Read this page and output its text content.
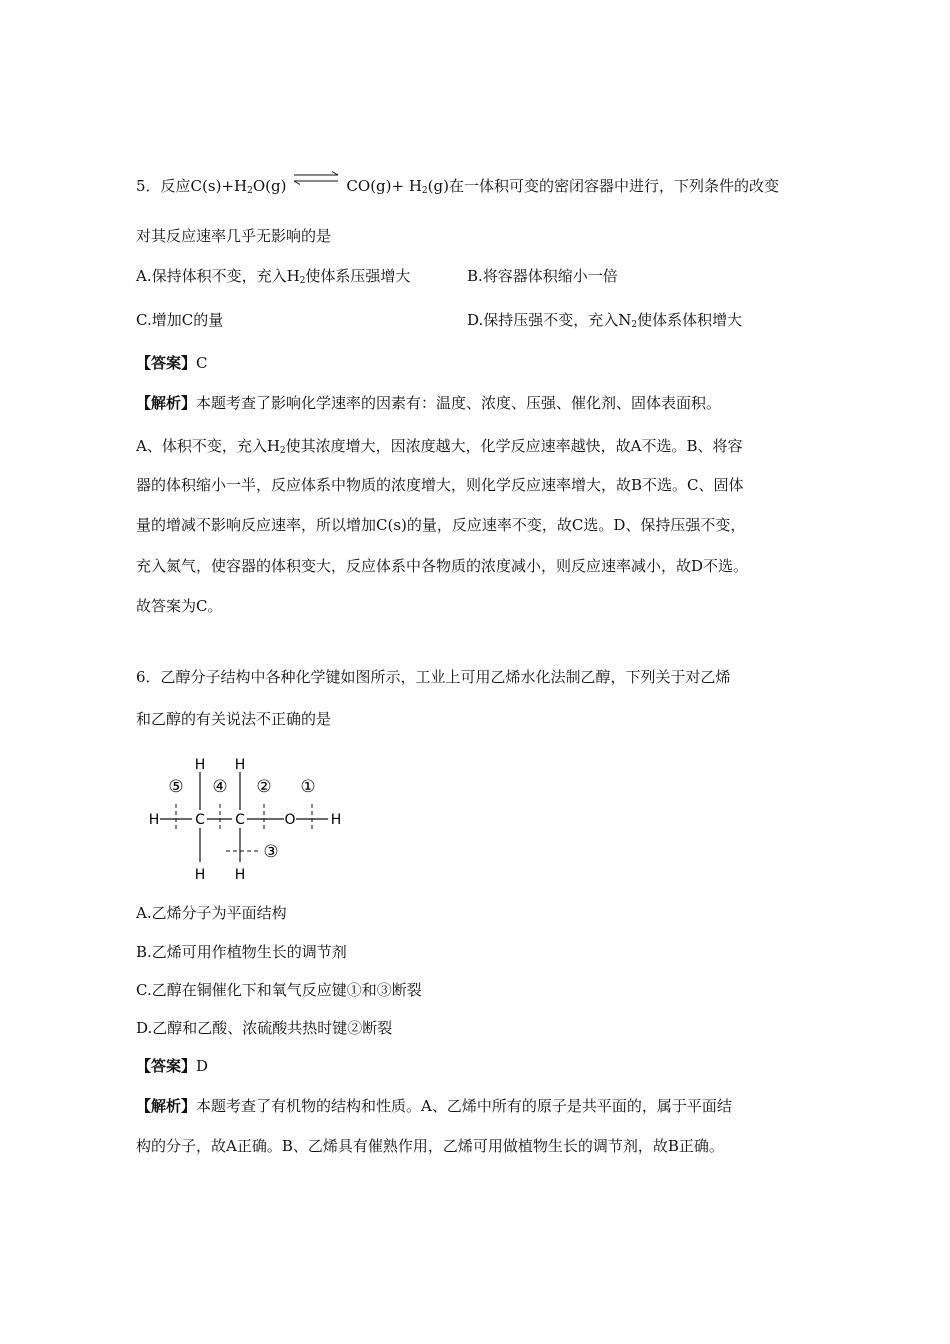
5．反应$C(s)+H_2O(g)$ ⇌ $CO(g)+ H_2(g)$在一体积可变的密闭容器中进行，下列条件的改变
对其反应速率几乎无影响的是
A.保持体积不变，充入$H_2$使体系压强增大	B.将容器体积缩小一倍
C.增加C的量	D.保持压强不变，充入$N_2$使体系体积增大
【答案】C
【解析】本题考查了影响化学速率的因素有：温度、浓度、压强、催化剂、固体表面积。
A、体积不变，充入$H_2$使其浓度增大，因浓度越大，化学反应速率越快，故A不选。B、将容
器的体积缩小一半，反应体系中物质的浓度增大，则化学反应速率增大，故B不选。C、固体
量的增减不影响反应速率，所以增加C(s)的量，反应速率不变，故C选。D、保持压强不变，
充入氮气，使容器的体积变大，反应体系中各物质的浓度减小，则反应速率减小，故D不选。
故答案为C。
6．乙醇分子结构中各种化学键如图所示，工业上可用乙烯水化法制乙醇，下列关于对乙烯
和乙醇的有关说法不正确的是
H	C C	O	H
H H
H H
⑤ ④ ② ①
③
A.乙烯分子为平面结构
B.乙烯可用作植物生长的调节剂
C.乙醇在铜催化下和氧气反应键①和③断裂
D.乙醇和乙酸、浓硫酸共热时键②断裂
【答案】D
【解析】本题考查了有机物的结构和性质。A、乙烯中所有的原子是共平面的，属于平面结
构的分子，故A正确。B、乙烯具有催熟作用，乙烯可用做植物生长的调节剂，故B正确。
